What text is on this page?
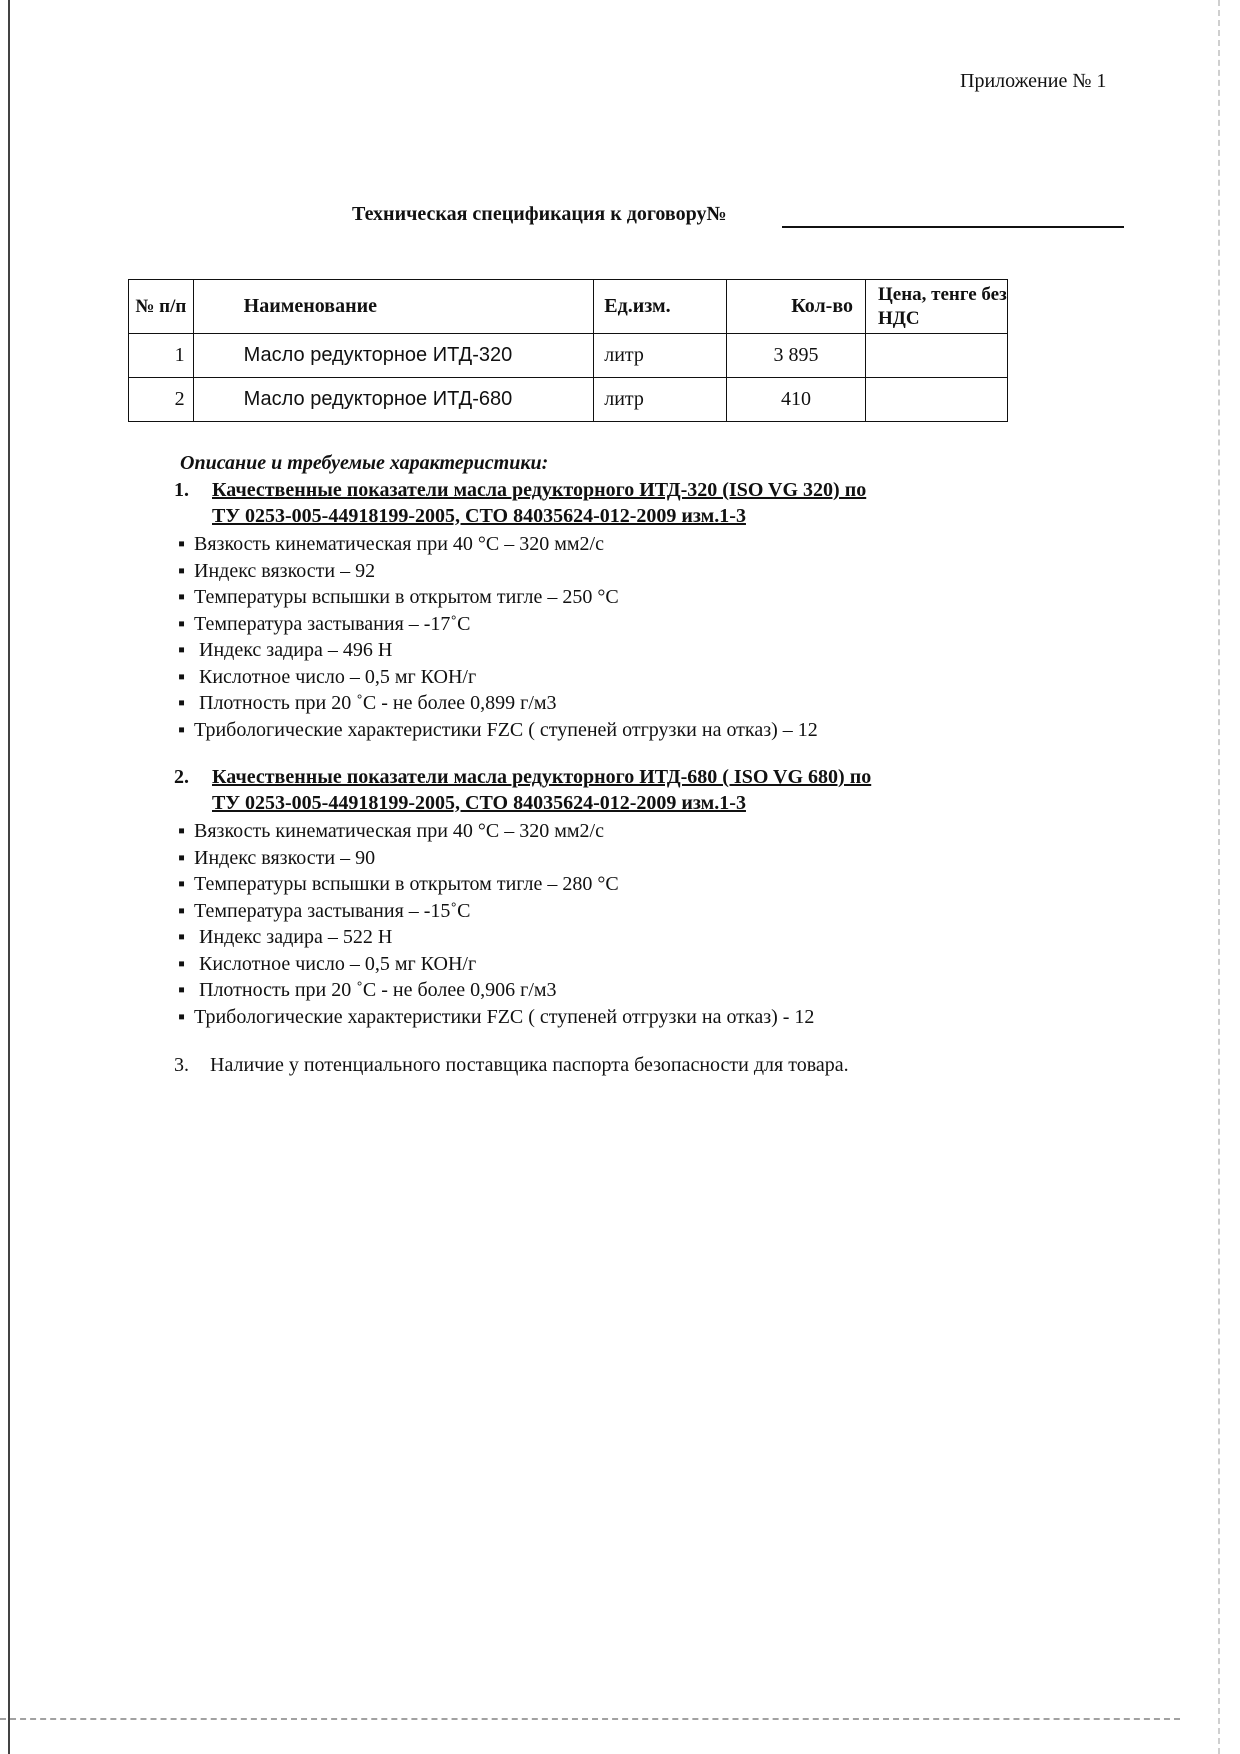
Приложение № 1
Техническая спецификация к договору№
№ п/п	Наименование	Ед.изм.	Кол-во	Цена, тенге без НДС
1	Масло редукторное ИТД-320	литр	3 895	
2	Масло редукторное ИТД-680	литр	410	
Описание и требуемые характеристики:
1. Качественные показатели масла редукторного ИТД-320 (ISO VG 320) по
ТУ 0253-005-44918199-2005, СТО 84035624-012-2009 изм.1-3
▪ Вязкость кинематическая при 40 °С – 320 мм2/с
▪ Индекс вязкости – 92
▪ Температуры вспышки в открытом тигле – 250 °С
▪ Температура застывания – -17˚С
▪ Индекс задира – 496 Н
▪ Кислотное число – 0,5 мг КОН/г
▪ Плотность при 20 ˚С - не более 0,899 г/м3
▪ Трибологические характеристики FZC ( ступеней отгрузки на отказ) – 12
2. Качественные показатели масла редукторного ИТД-680 ( ISO VG 680) по
ТУ 0253-005-44918199-2005, СТО 84035624-012-2009 изм.1-3
▪ Вязкость кинематическая при 40 °С – 320 мм2/с
▪ Индекс вязкости – 90
▪ Температуры вспышки в открытом тигле – 280 °С
▪ Температура застывания – -15˚С
▪ Индекс задира – 522 Н
▪ Кислотное число – 0,5 мг КОН/г
▪ Плотность при 20 ˚С - не более 0,906 г/м3
▪ Трибологические характеристики FZC ( ступеней отгрузки на отказ) - 12
3. Наличие у потенциального поставщика паспорта безопасности для товара.
